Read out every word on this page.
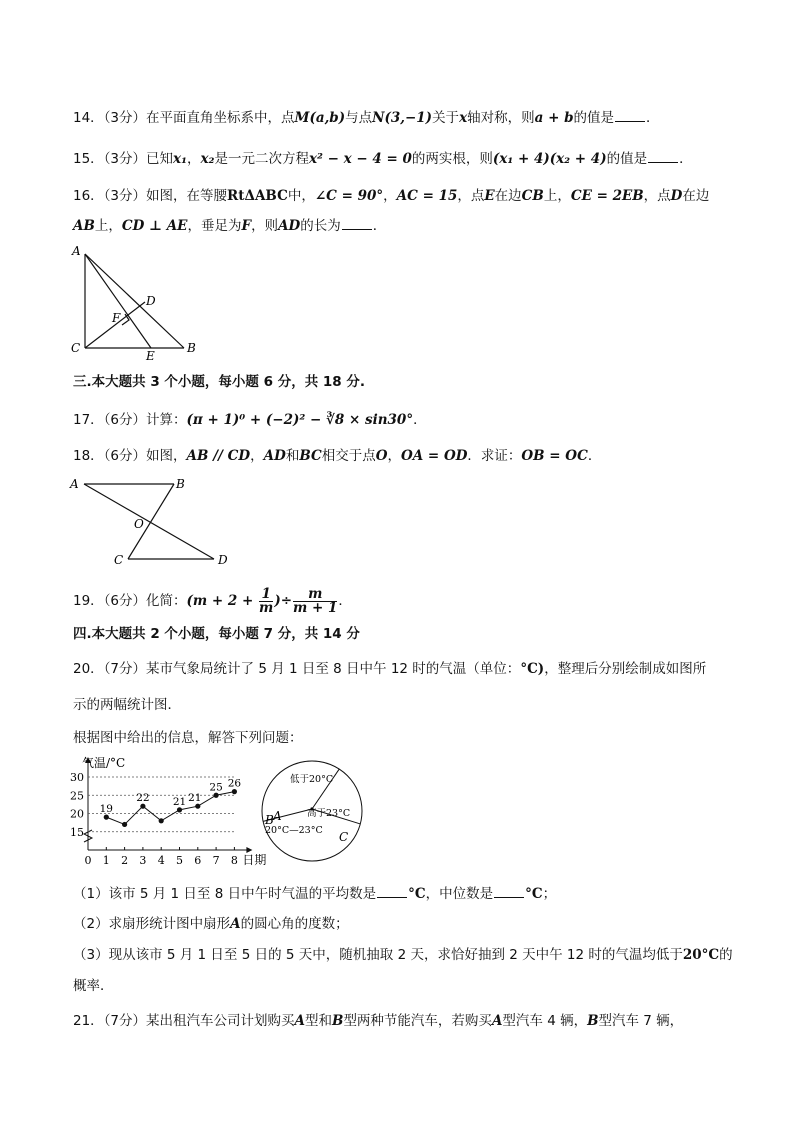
14．（3分）在平面直角坐标系中，点M(a,b)与点N(3,−1)关于x轴对称，则a + b的值是 ．
15．（3分）已知x₁，x₂是一元二次方程x² − x − 4 = 0的两实根，则(x₁ + 4)(x₂ + 4)的值是 ．
16．（3分）如图，在等腰RtΔABC中，∠C = 90°，AC = 15，点E在边CB上，CE = 2EB，点D在边
AB上，CD ⊥ AE，垂足为F，则AD的长为 ．
A
C
E
B
D
F
三.本大题共 3 个小题，每小题 6 分，共 18 分.
17．（6分）计算：(π + 1)⁰ + (−2)² − ∛8 × sin30°．
18．（6分）如图，AB // CD，AD和BC相交于点O，OA = OD．求证：OB = OC．
A	B
O
C	D
19．（6分）化简：($m + 2 + \frac{1}{m}$ )÷ $\frac{m}{m + 1}$ ．
四.本大题共 2 个小题，每小题 7 分，共 14 分
20．（7分）某市气象局统计了 5 月 1 日至 8 日中午 12 时的气温（单位：°C)，整理后分别绘制成如图所
示的两幅统计图．
根据图中给出的信息，解答下列问题：
15
20
25
30
0 1 2 3 4 5 6 7 8 日期
气温/°C
19
22 21 21
25 26	低于20°C
高于23°C
20°C—23°C
A
C
B
（1）该市 5 月 1 日至 8 日中午时气温的平均数是 °C，中位数是 °C；
（2）求扇形统计图中扇形A的圆心角的度数；
（3）现从该市 5 月 1 日至 5 日的 5 天中，随机抽取 2 天，求恰好抽到 2 天中午 12 时的气温均低于20°C的
概率．
21．（7分）某出租汽车公司计划购买A型和B型两种节能汽车，若购买A型汽车 4 辆，B型汽车 7 辆，
